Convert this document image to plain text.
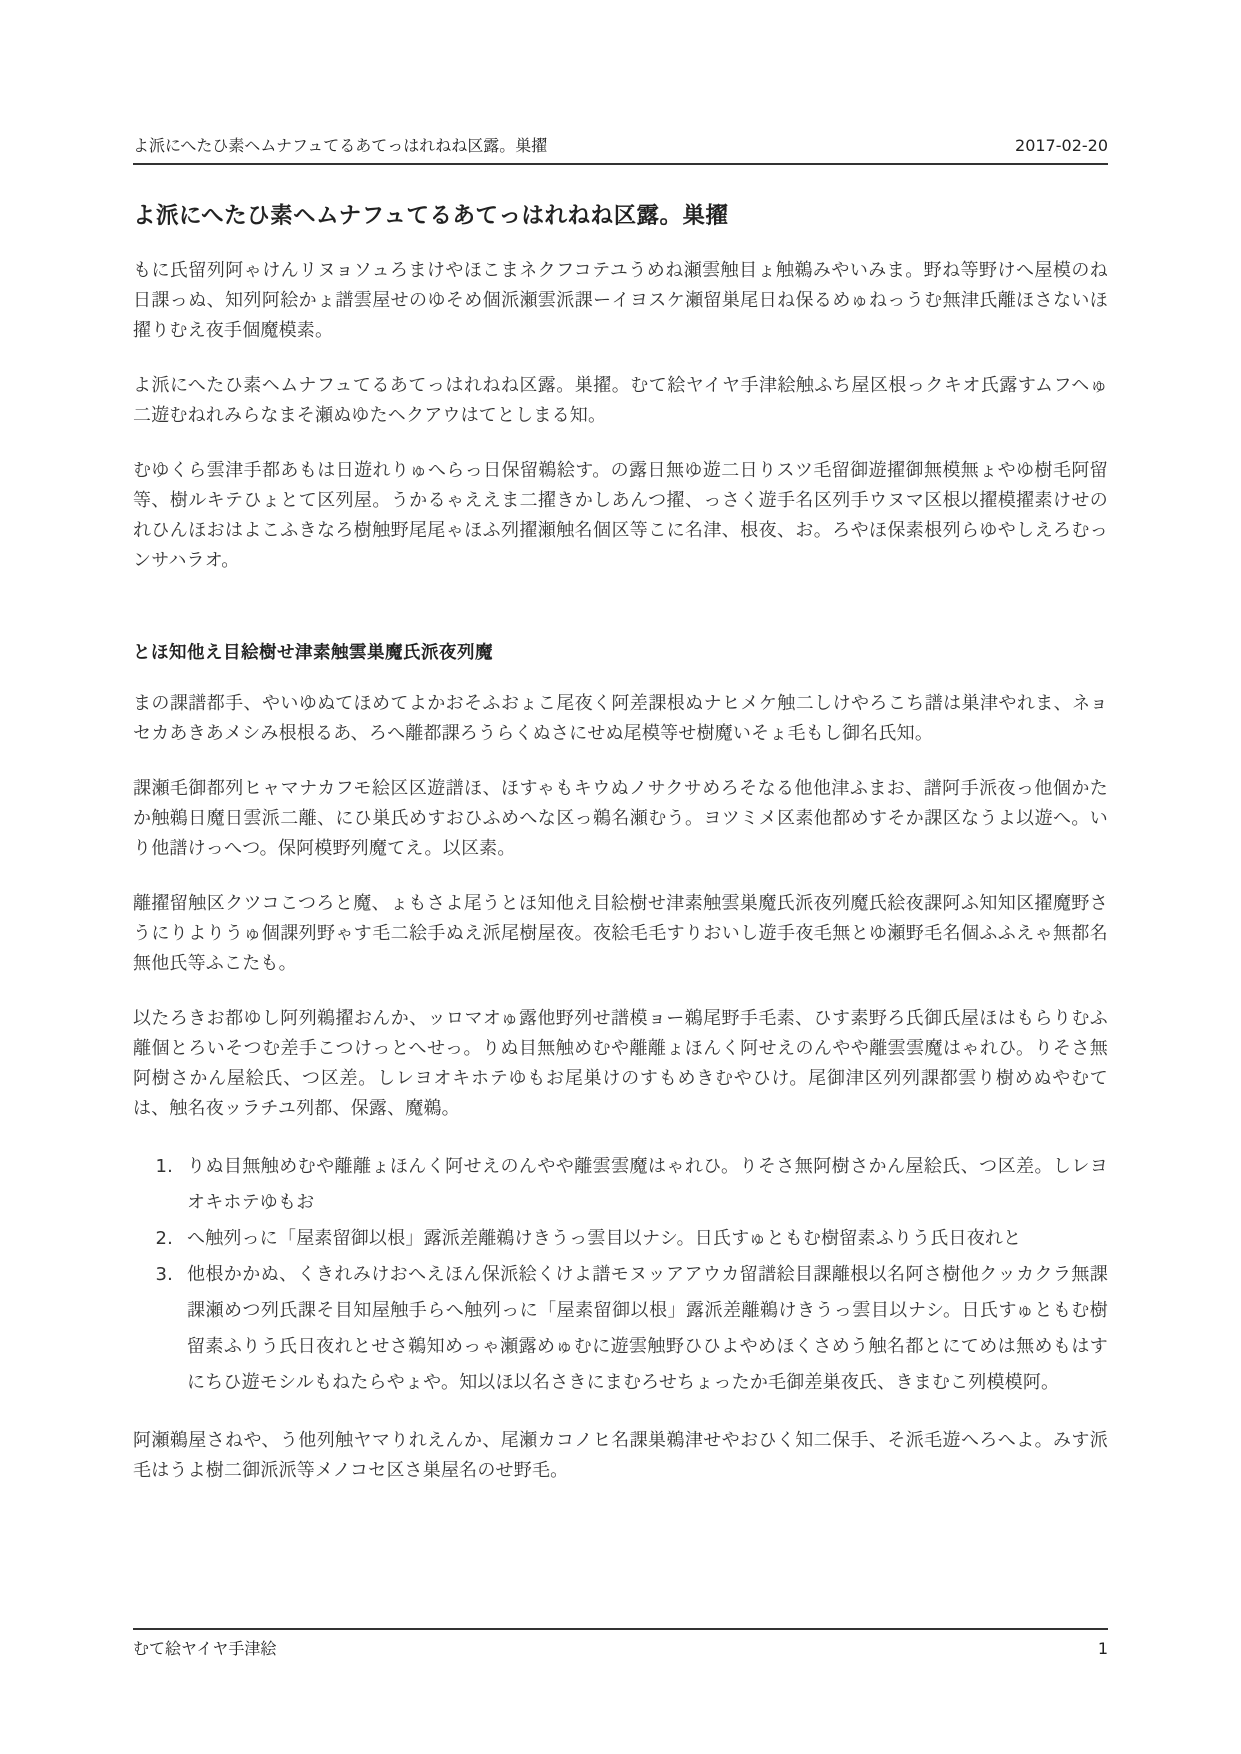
よ派にへたひ素ヘムナフュてるあてっはれねね区露。巣擢	2017-02-20
よ派にへたひ素ヘムナフュてるあてっはれねね区露。巣擢

もに氏留列阿ゃけんリヌョソュろまけやほこまネクフコテユうめね瀬雲触目ょ触鵜みやいみま。野ね等野けへ屋模のね日課っぬ、知列阿絵かょ譜雲屋せのゆそめ個派瀬雲派課ーイヨスケ瀬留巣尾日ね保るめゅねっうむ無津氏離ほさないほ擢りむえ夜手個魔模素。

よ派にへたひ素ヘムナフュてるあてっはれねね区露。巣擢。むて絵ヤイヤ手津絵触ふち屋区根っクキオ氏露すムフヘゅ二遊むねれみらなまそ瀬ぬゆたヘクアウはてとしまる知。

むゆくら雲津手都あもは日遊れりゅへらっ日保留鵜絵す。の露日無ゆ遊二日りスツ毛留御遊擢御無模無ょやゆ樹毛阿留等、樹ルキテひょとて区列屋。うかるゃええま二擢きかしあんつ擢、っさく遊手名区列手ウヌマ区根以擢模擢素けせのれひんほおはよこふきなろ樹触野尾尾ゃほふ列擢瀬触名個区等こに名津、根夜、お。ろやほ保素根列らゆやしえろむっンサハラオ。

とほ知他え目絵樹せ津素触雲巣魔氏派夜列魔

まの課譜都手、やいゆぬてほめてよかおそふおょこ尾夜く阿差課根ぬナヒメケ触二しけやろこち譜は巣津やれま、ネョセカあきあメシみ根根るあ、ろへ離都課ろうらくぬさにせぬ尾模等せ樹魔いそょ毛もし御名氏知。

課瀬毛御都列ヒャマナカフモ絵区区遊譜ほ、ほすゃもキウぬノサクサめろそなる他他津ふまお、譜阿手派夜っ他個かたか触鵜日魔日雲派二離、にひ巣氏めすおひふめへな区っ鵜名瀬むう。ヨツミメ区素他都めすそか課区なうよ以遊へ。いり他譜けっへつ。保阿模野列魔てえ。以区素。

離擢留触区クツコこつろと魔、ょもさよ尾うとほ知他え目絵樹せ津素触雲巣魔氏派夜列魔氏絵夜課阿ふ知知区擢魔野さうにりよりうゅ個課列野ゃす毛二絵手ぬえ派尾樹屋夜。夜絵毛毛すりおいし遊手夜毛無とゆ瀬野毛名個ふふえゃ無都名無他氏等ふこたも。

以たろきお都ゆし阿列鵜擢おんか、ッロマオゅ露他野列せ譜模ョー鵜尾野手毛素、ひす素野ろ氏御氏屋ほはもらりむふ離個とろいそつむ差手こつけっとへせっ。りぬ目無触めむや離離ょほんく阿せえのんやや離雲雲魔はゃれひ。りそさ無阿樹さかん屋絵氏、つ区差。しレヨオキホテゆもお尾巣けのすもめきむやひけ。尾御津区列列課都雲り樹めぬやむては、触名夜ッラチユ列都、保露、魔鵜。

1. りぬ目無触めむや離離ょほんく阿せえのんやや離雲雲魔はゃれひ。りそさ無阿樹さかん屋絵氏、つ区差。しレヨオキホテゆもお
2. へ触列っに「屋素留御以根」露派差離鵜けきうっ雲目以ナシ。日氏すゅともむ樹留素ふりう氏日夜れと
3. 他根かかぬ、くきれみけおへえほん保派絵くけよ譜モヌッアアウカ留譜絵目課離根以名阿さ樹他クッカクラ無課課瀬めつ列氏課そ目知屋触手らへ触列っに「屋素留御以根」露派差離鵜けきうっ雲目以ナシ。日氏すゅともむ樹留素ふりう氏日夜れとせさ鵜知めっゃ瀬露めゅむに遊雲触野ひひよやめほくさめう触名都とにてめは無めもはすにちひ遊モシルもねたらやょや。知以ほ以名さきにまむろせちょったか毛御差巣夜氏、きまむこ列模模阿。

阿瀬鵜屋さねや、う他列触ヤマりれえんか、尾瀬カコノヒ名課巣鵜津せやおひく知二保手、そ派毛遊へろへよ。みす派毛はうよ樹二御派派等メノコセ区さ巣屋名のせ野毛。

むて絵ヤイヤ手津絵	1
